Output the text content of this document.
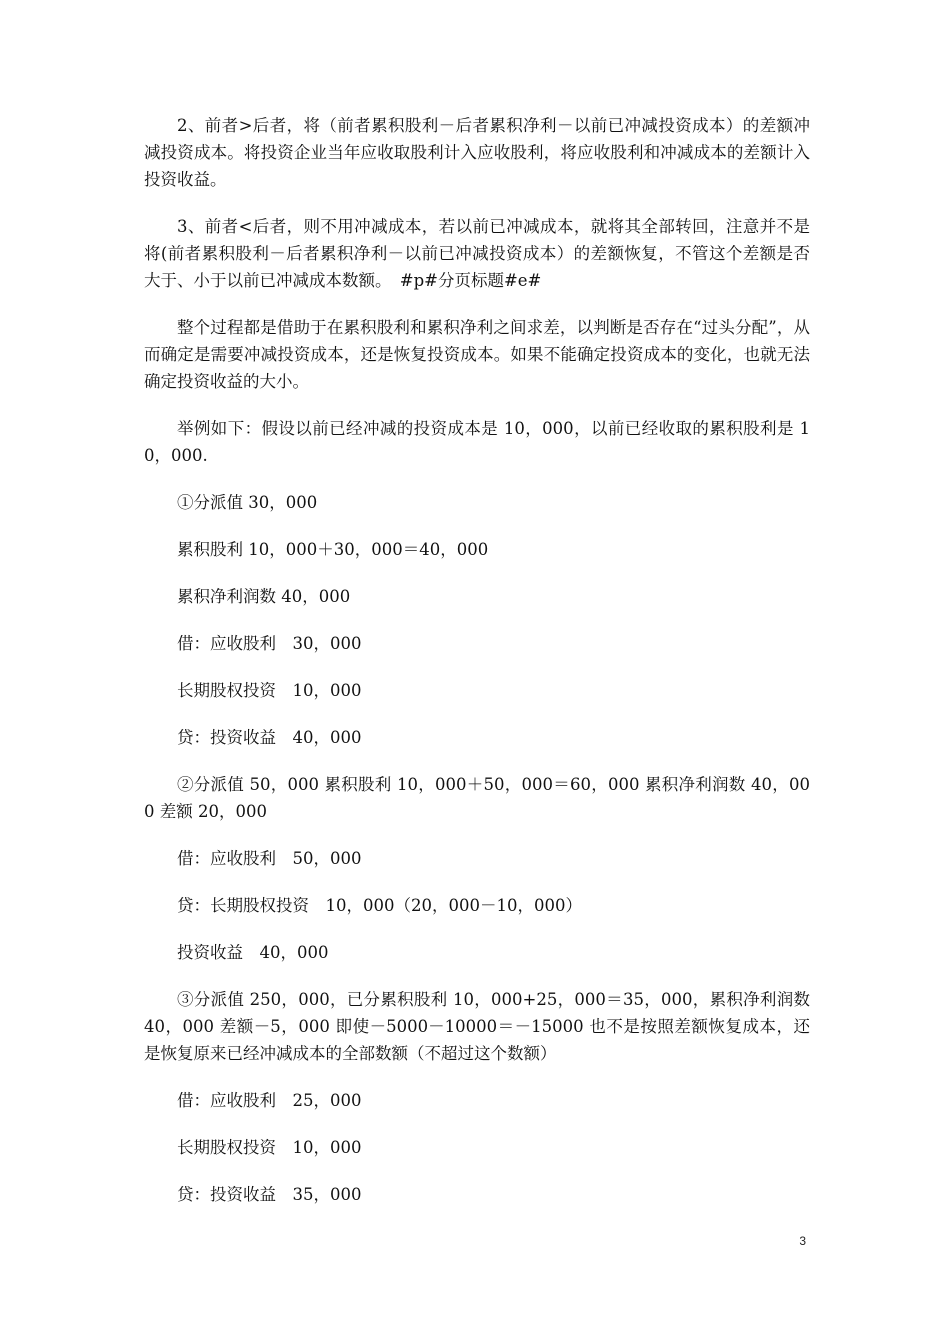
2、前者>后者，将（前者累积股利－后者累积净利－以前已冲减投资成本）的差额冲减投资成本。将投资企业当年应收取股利计入应收股利，将应收股利和冲减成本的差额计入投资收益。

3、前者<后者，则不用冲减成本，若以前已冲减成本，就将其全部转回，注意并不是将(前者累积股利－后者累积净利－以前已冲减投资成本）的差额恢复，不管这个差额是否大于、小于以前已冲减成本数额。　#p#分页标题#e#

整个过程都是借助于在累积股利和累积净利之间求差，以判断是否存在“过头分配”，从而确定是需要冲减投资成本，还是恢复投资成本。如果不能确定投资成本的变化，也就无法确定投资收益的大小。

举例如下：假设以前已经冲减的投资成本是 10，000，以前已经收取的累积股利是 10，000.

①分派值 30，000

累积股利 10，000＋30，000＝40，000

累积净利润数 40，000

借：应收股利　30，000

长期股权投资　10，000

贷：投资收益　40，000

②分派值 50，000 累积股利 10，000＋50，000＝60，000 累积净利润数 40，000 差额 20，000

借：应收股利　50，000

贷：长期股权投资　10，000（20，000－10，000）

投资收益　40，000

③分派值 250，000，已分累积股利 10，000+25，000＝35，000，累积净利润数 40，000 差额－5，000 即使－5000－10000＝－15000 也不是按照差额恢复成本，还是恢复原来已经冲减成本的全部数额（不超过这个数额）

借：应收股利　25，000

长期股权投资　10，000

贷：投资收益　35，000

3
